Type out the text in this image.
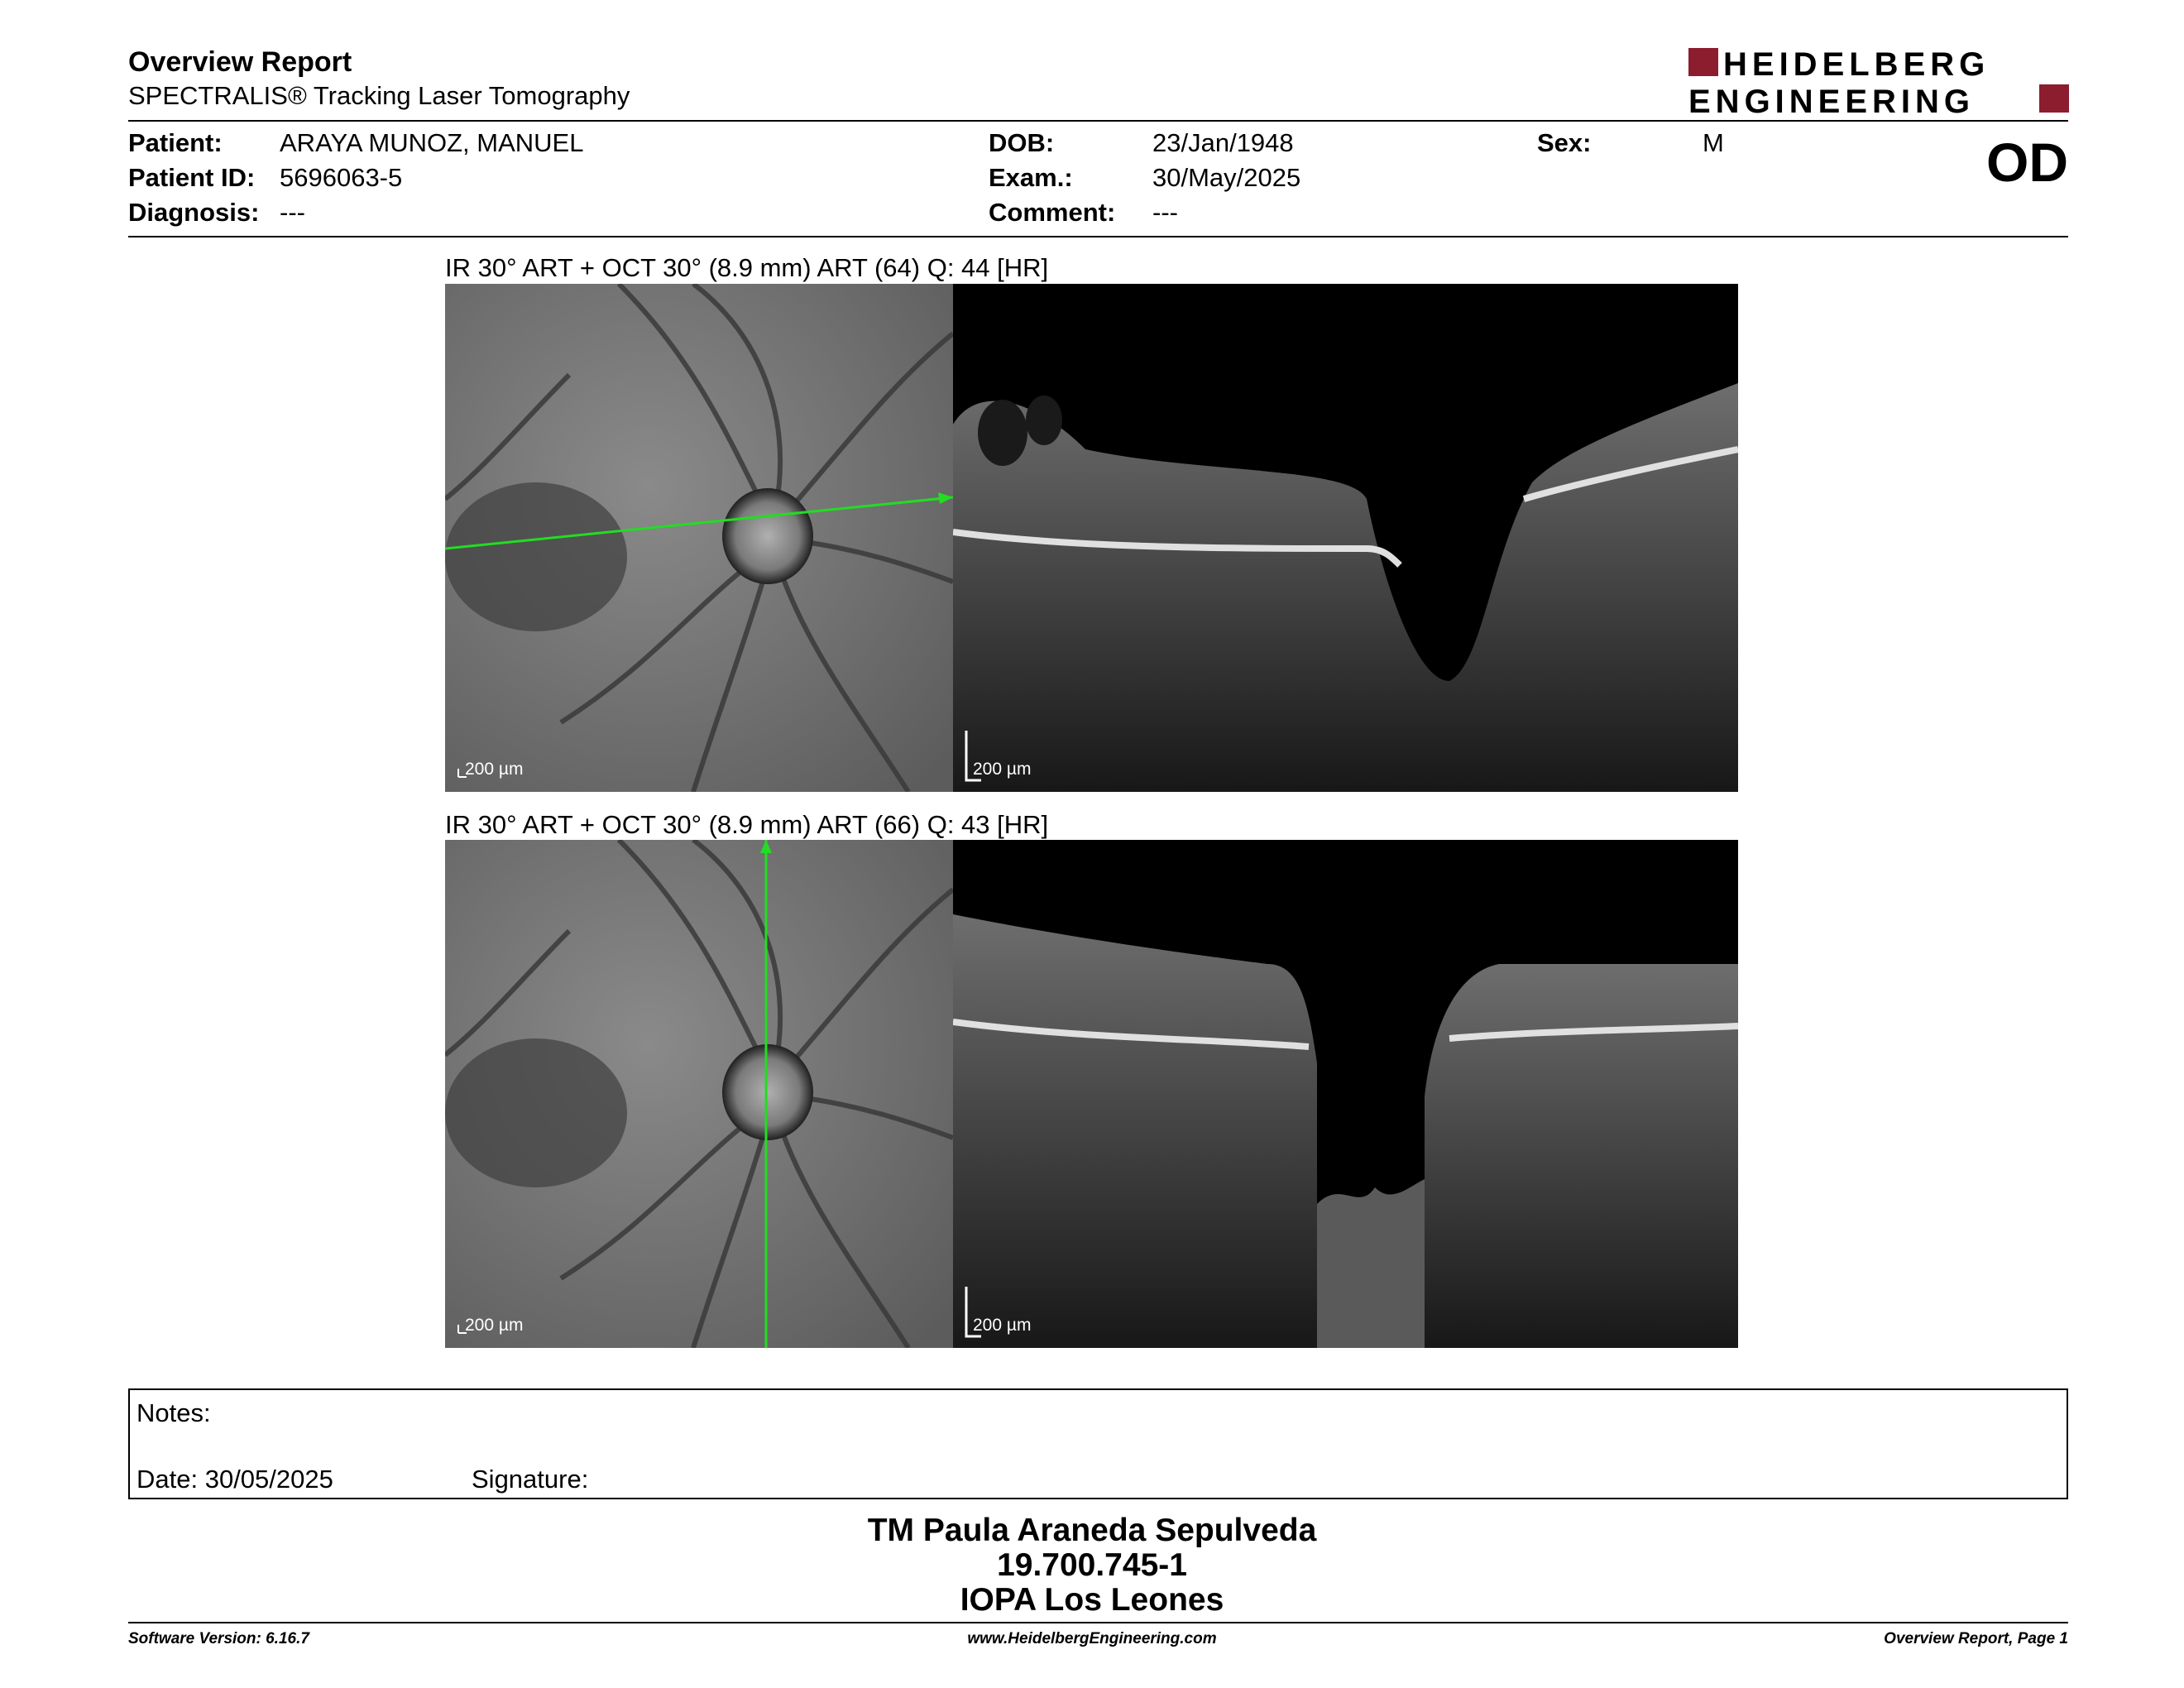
Overview Report
SPECTRALIS® Tracking Laser Tomography
HEIDELBERG
ENGINEERING
Patient: ARAYA MUNOZ, MANUEL
Patient ID: 5696063-5
Diagnosis: ---
DOB:	23/Jan/1948
Exam.:	30/May/2025
Comment: ---
Sex:	M	OD
IR 30° ART + OCT 30° (8.9 mm) ART (64) Q: 44 [HR]
200 µm	200 µm
IR 30° ART + OCT 30° (8.9 mm) ART (66) Q: 43 [HR]
200 µm	200 µm
Notes:
Date: 30/05/2025	Signature:
TM Paula Araneda Sepulveda
19.700.745-1
IOPA Los Leones
Software Version: 6.16.7	www.HeidelbergEngineering.com	Overview Report, Page 1
